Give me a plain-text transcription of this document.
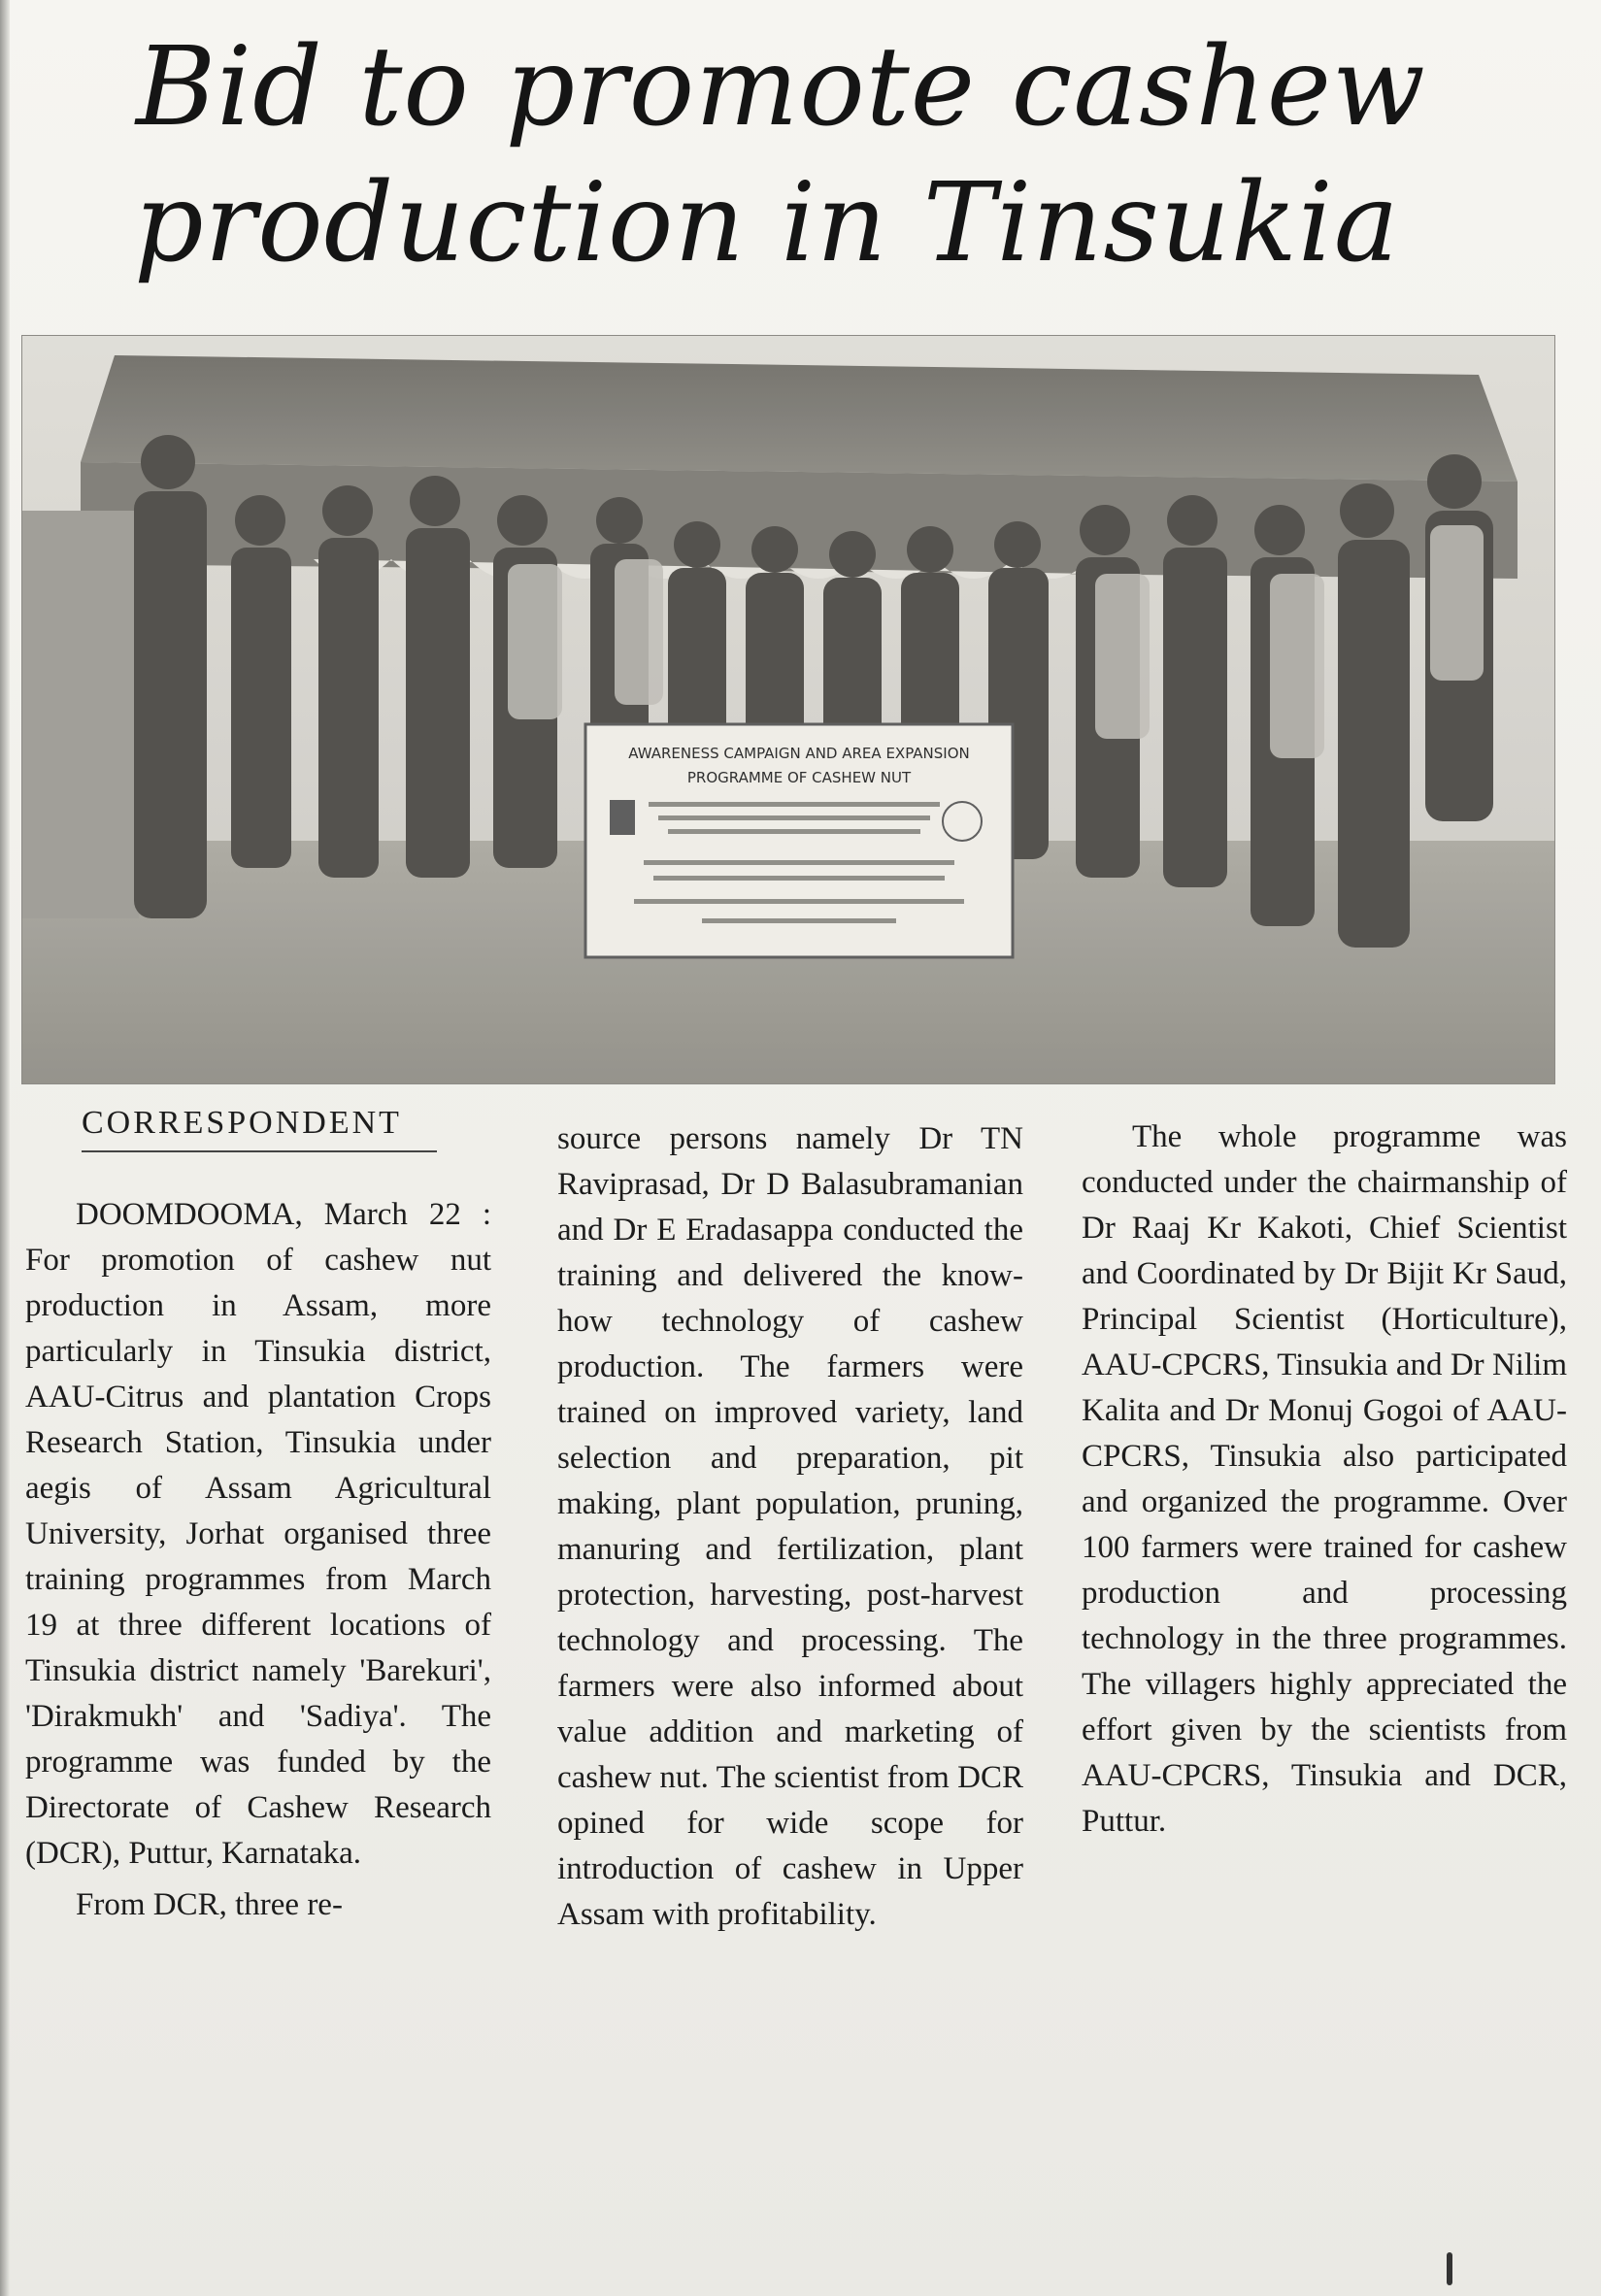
Bid to promote cashew
production in Tinsukia
AWARENESS CAMPAIGN AND AREA EXPANSION
PROGRAMME OF CASHEW NUT
CORRESPONDENT

DOOMDOOMA, March 22 : For promotion of cashew nut production in Assam, more particularly in Tinsukia district, AAU-Citrus and plantation Crops Research Station, Tinsukia under aegis of Assam Agricultural University, Jorhat organised three training programmes from March 19 at three different locations of Tinsukia district namely 'Barekuri', 'Dirakmukh' and 'Sadiya'. The programme was funded by the Directorate of Cashew Research (DCR), Puttur, Karnataka.

From DCR, three re-

source persons namely Dr TN Raviprasad, Dr D Balasubramanian and Dr E Eradasappa conducted the training and delivered the know-how technology of cashew production. The farmers were trained on improved variety, land selection and preparation, pit making, plant population, pruning, manuring and fertilization, plant protection, harvesting, post-harvest technology and processing. The farmers were also informed about value addition and marketing of cashew nut. The scientist from DCR opined for wide scope for introduction of cashew in Upper Assam with profitability.

The whole programme was conducted under the chairmanship of Dr Raaj Kr Kakoti, Chief Scientist and Coordinated by Dr Bijit Kr Saud, Principal Scientist (Horticulture), AAU-CPCRS, Tinsukia and Dr Nilim Kalita and Dr Monuj Gogoi of AAU-CPCRS, Tinsukia also participated and organized the programme. Over 100 farmers were trained for cashew production and processing technology in the three programmes. The villagers highly appreciated the effort given by the scientists from AAU-CPCRS, Tinsukia and DCR, Puttur.
